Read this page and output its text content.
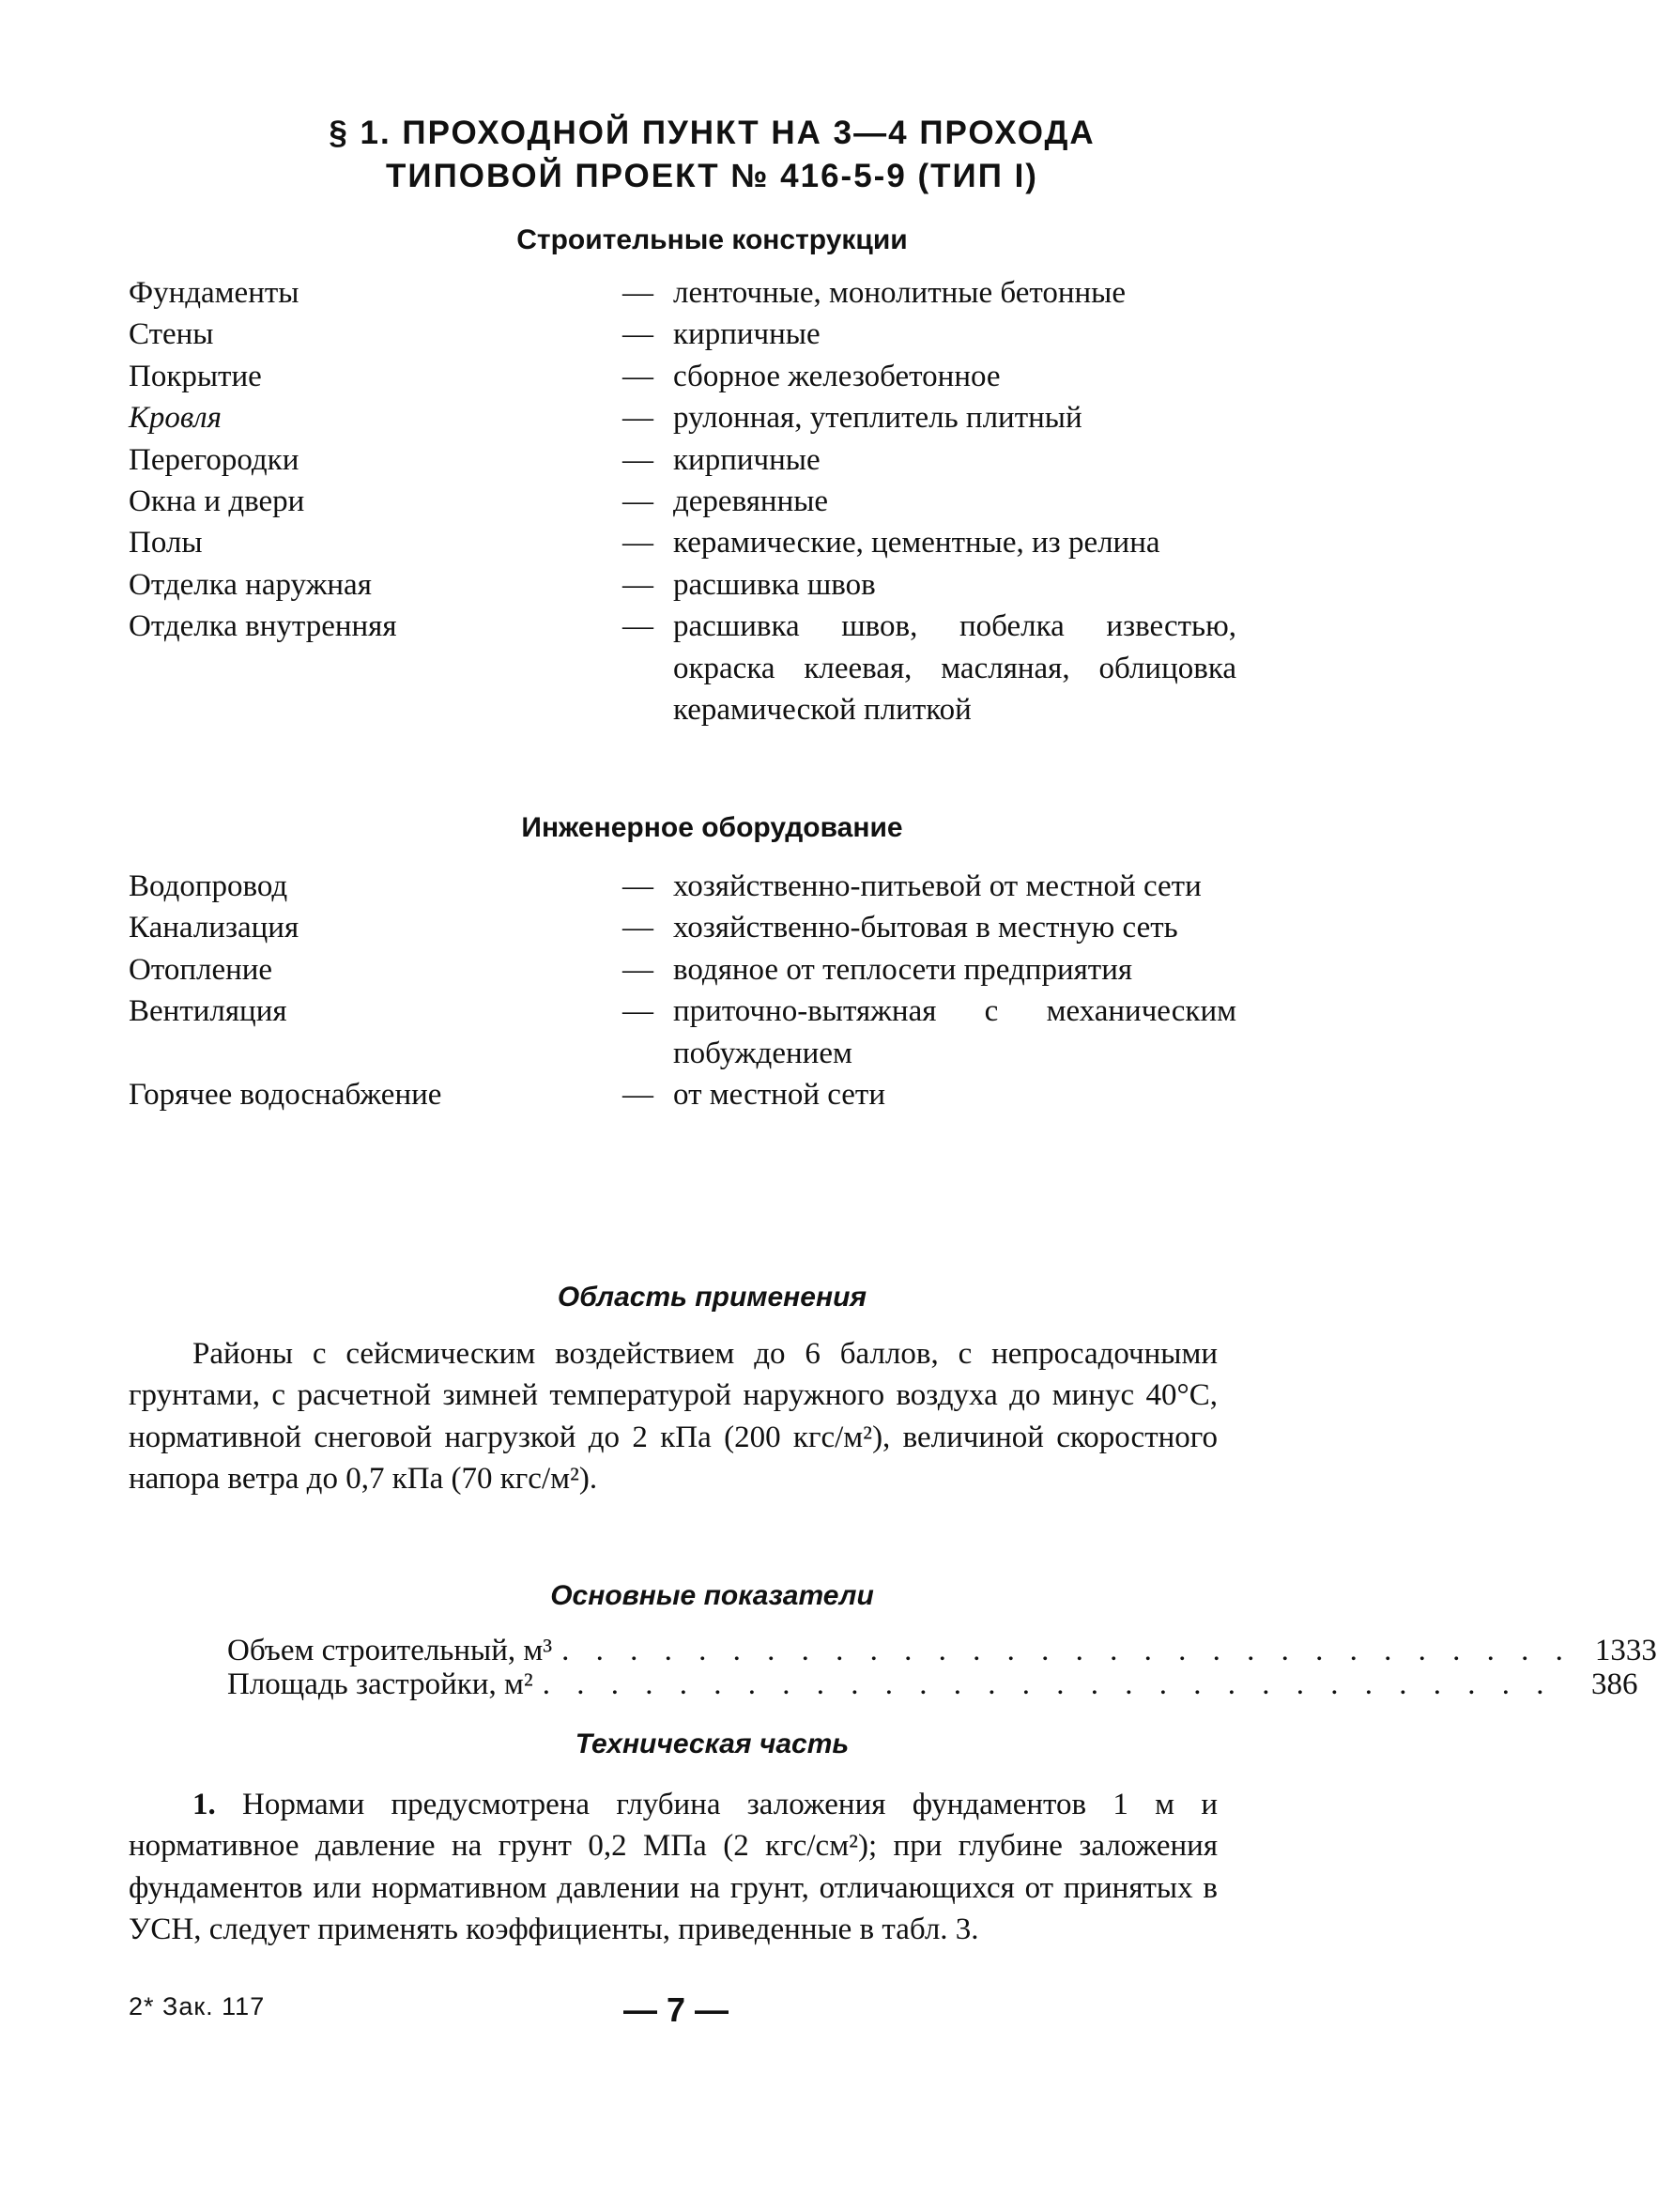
§ 1. ПРОХОДНОЙ ПУНКТ НА 3—4 ПРОХОДА
ТИПОВОЙ ПРОЕКТ № 416-5-9 (ТИП I)
Строительные конструкции
Фундаменты	— ленточные, монолитные бетонные
Стены	— кирпичные
Покрытие	— сборное железобетонное
Кровля	— рулонная, утеплитель плитный
Перегородки	— кирпичные
Окна и двери	— деревянные
Полы	— керамические, цементные, из релина
Отделка наружная	— расшивка швов
Отделка внутренняя	— расшивка швов, побелка известью, окраска клеевая, масляная, облицовка керамической плиткой
Инженерное оборудование
Водопровод	— хозяйственно-питьевой от местной сети
Канализация	— хозяйственно-бытовая в местную сеть
Отопление	— водяное от теплосети предприятия
Вентиляция	— приточно-вытяжная с механическим побуждением
Горячее водоснабжение	— от местной сети
Область применения

Районы с сейсмическим воздействием до 6 баллов, с непросадочными грунтами, с расчетной зимней температурой наружного воздуха до минус 40°С, нормативной снеговой нагрузкой до 2 кПа (200 кгс/м²), величиной скоростного напора ветра до 0,7 кПа (70 кгс/м²).

Основные показатели
Объем строительный, м³ . . . . . . . . . . . . . . . . . . . . . . . . . . . . . . 1333
Площадь застройки, м² . . . . . . . . . . . . . . . . . . . . . . . . . . . . . .	386
Техническая часть

1. Нормами предусмотрена глубина заложения фундаментов 1 м и нормативное давление на грунт 0,2 МПа (2 кгс/см²); при глубине заложения фундаментов или нормативном давлении на грунт, отличающихся от принятых в УСН, следует применять коэффициенты, приведенные в табл. 3.

2* Зак. 117	— 7 —
